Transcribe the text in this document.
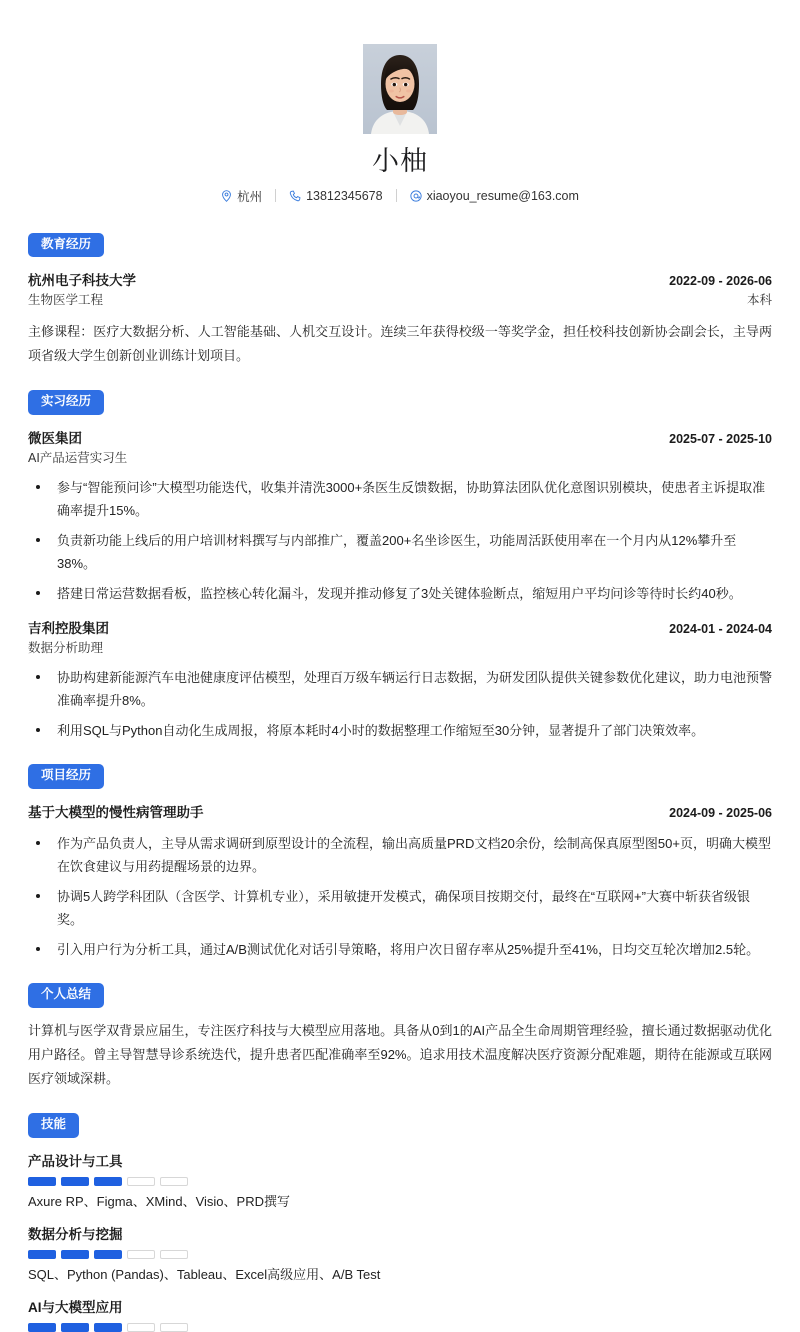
小柚
杭州	13812345678	xiaoyou_resume@163.com
教育经历
杭州电子科技大学	2022-09 - 2026-06
生物医学工程	本科
主修课程：医疗大数据分析、人工智能基础、人机交互设计。连续三年获得校级一等奖学金，担任校科技创新协会副会长，主导两项省级大学生创新创业训练计划项目。
实习经历
微医集团	2025-07 - 2025-10
AI产品运营实习生
参与“智能预问诊”大模型功能迭代，收集并清洗3000+条医生反馈数据，协助算法团队优化意图识别模块，使患者主诉提取准确率提升15%。
负责新功能上线后的用户培训材料撰写与内部推广，覆盖200+名坐诊医生，功能周活跃使用率在一个月内从12%攀升至38%。
搭建日常运营数据看板，监控核心转化漏斗，发现并推动修复了3处关键体验断点，缩短用户平均问诊等待时长约40秒。
吉利控股集团	2024-01 - 2024-04
数据分析助理
协助构建新能源汽车电池健康度评估模型，处理百万级车辆运行日志数据，为研发团队提供关键参数优化建议，助力电池预警准确率提升8%。
利用SQL与Python自动化生成周报，将原本耗时4小时的数据整理工作缩短至30分钟，显著提升了部门决策效率。
项目经历
基于大模型的慢性病管理助手	2024-09 - 2025-06
作为产品负责人，主导从需求调研到原型设计的全流程，输出高质量PRD文档20余份，绘制高保真原型图50+页，明确大模型在饮食建议与用药提醒场景的边界。
协调5人跨学科团队（含医学、计算机专业），采用敏捷开发模式，确保项目按期交付，最终在“互联网+”大赛中斩获省级银奖。
引入用户行为分析工具，通过A/B测试优化对话引导策略，将用户次日留存率从25%提升至41%，日均交互轮次增加2.5轮。
个人总结
计算机与医学双背景应届生，专注医疗科技与大模型应用落地。具备从0到1的AI产品全生命周期管理经验，擅长通过数据驱动优化用户路径。曾主导智慧导诊系统迭代，提升患者匹配准确率至92%。追求用技术温度解决医疗资源分配难题，期待在能源或互联网医疗领域深耕。
技能
产品设计与工具
Axure RP、Figma、XMind、Visio、PRD撰写
数据分析与挖掘
SQL、Python (Pandas)、Tableau、Excel高级应用、A/B Test
AI与大模型应用
